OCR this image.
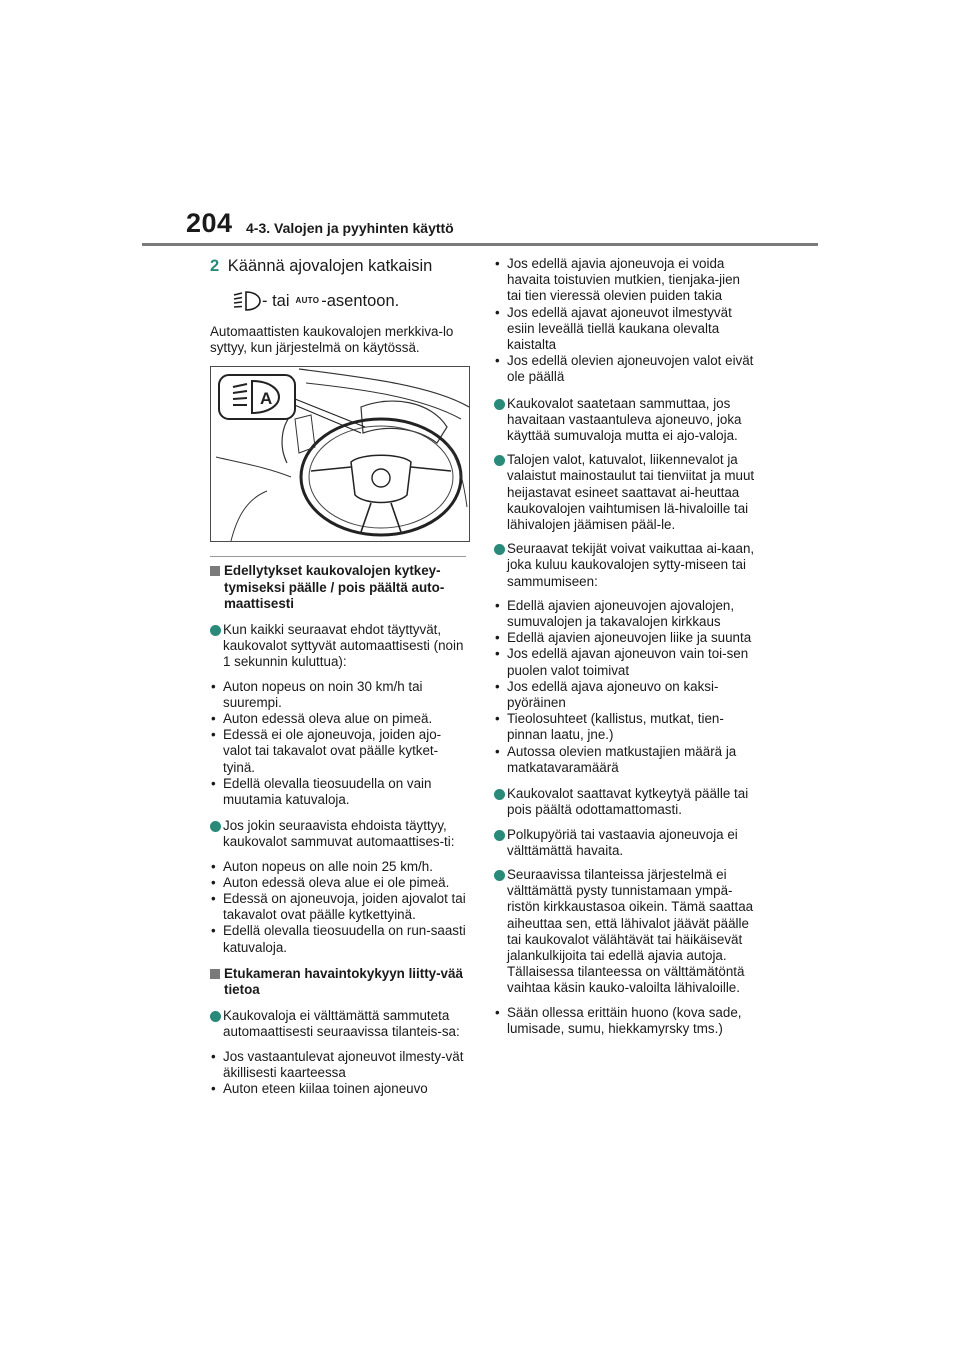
204 4-3. Valojen ja pyyhinten käyttö
2 Käännä ajovalojen katkaisin
- tai AUTO -asentoon.

Automaattisten kaukovalojen merkkiva-lo syttyy, kun järjestelmä on käytössä.

A
Edellytykset kaukovalojen kytkey-tymiseksi päälle / pois päältä auto-maattisesti
Kun kaikki seuraavat ehdot täyttyvät, kaukovalot syttyvät automaattisesti (noin 1 sekunnin kuluttua):
• Auton nopeus on noin 30 km/h tai suurempi.
• Auton edessä oleva alue on pimeä.
• Edessä ei ole ajoneuvoja, joiden ajo-valot tai takavalot ovat päälle kytket-tyinä.
• Edellä olevalla tieosuudella on vain muutamia katuvaloja.
Jos jokin seuraavista ehdoista täyttyy, kaukovalot sammuvat automaattises-ti:
• Auton nopeus on alle noin 25 km/h.
• Auton edessä oleva alue ei ole pimeä.
• Edessä on ajoneuvoja, joiden ajovalot tai takavalot ovat päälle kytkettyinä.
• Edellä olevalla tieosuudella on run-saasti katuvaloja.
Etukameran havaintokykyyn liitty-vää tietoa
Kaukovaloja ei välttämättä sammuteta automaattisesti seuraavissa tilanteis-sa:
• Jos vastaantulevat ajoneuvot ilmesty-vät äkillisesti kaarteessa
• Auton eteen kiilaa toinen ajoneuvo
• Jos edellä ajavia ajoneuvoja ei voida havaita toistuvien mutkien, tienjaka-jien tai tien vieressä olevien puiden takia
• Jos edellä ajavat ajoneuvot ilmestyvät esiin leveällä tiellä kaukana olevalta kaistalta
• Jos edellä olevien ajoneuvojen valot eivät ole päällä
Kaukovalot saatetaan sammuttaa, jos havaitaan vastaantuleva ajoneuvo, joka käyttää sumuvaloja mutta ei ajo-valoja.
Talojen valot, katuvalot, liikennevalot ja valaistut mainostaulut tai tienviitat ja muut heijastavat esineet saattavat ai-heuttaa kaukovalojen vaihtumisen lä-hivaloille tai lähivalojen jäämisen pääl-le.
Seuraavat tekijät voivat vaikuttaa ai-kaan, joka kuluu kaukovalojen sytty-miseen tai sammumiseen:
• Edellä ajavien ajoneuvojen ajovalojen, sumuvalojen ja takavalojen kirkkaus
• Edellä ajavien ajoneuvojen liike ja suunta
• Jos edellä ajavan ajoneuvon vain toi-sen puolen valot toimivat
• Jos edellä ajava ajoneuvo on kaksi-pyöräinen
• Tieolosuhteet (kallistus, mutkat, tien-pinnan laatu, jne.)
• Autossa olevien matkustajien määrä ja matkatavaramäärä
Kaukovalot saattavat kytkeytyä päälle tai pois päältä odottamattomasti.
Polkupyöriä tai vastaavia ajoneuvoja ei välttämättä havaita.
Seuraavissa tilanteissa järjestelmä ei välttämättä pysty tunnistamaan ympä-ristön kirkkaustasoa oikein. Tämä saattaa aiheuttaa sen, että lähivalot jäävät päälle tai kaukovalot välähtävät tai häikäisevät jalankulkijoita tai edellä ajavia autoja. Tällaisessa tilanteessa on välttämätöntä vaihtaa käsin kauko-valoilta lähivaloille.
• Sään ollessa erittäin huono (kova sade, lumisade, sumu, hiekkamyrsky tms.)
